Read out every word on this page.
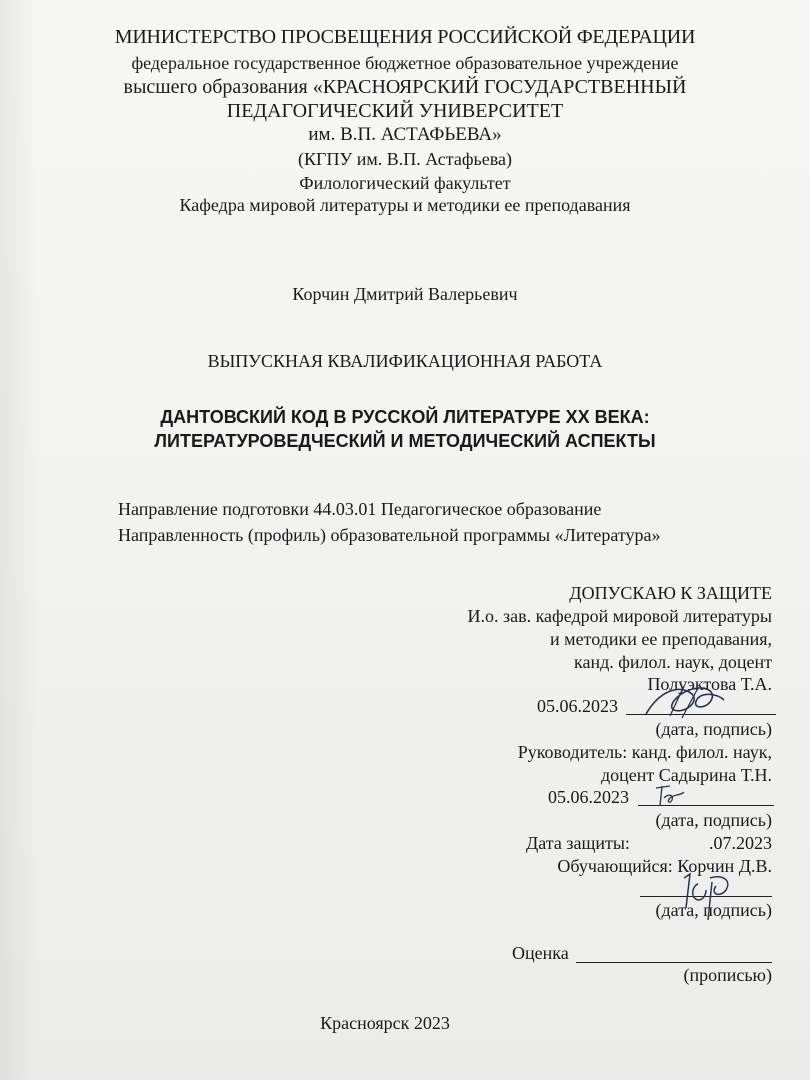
МИНИСТЕРСТВО ПРОСВЕЩЕНИЯ РОССИЙСКОЙ ФЕДЕРАЦИИ
федеральное государственное бюджетное образовательное учреждение
высшего образования «КРАСНОЯРСКИЙ ГОСУДАРСТВЕННЫЙ
ПЕДАГОГИЧЕСКИЙ УНИВЕРСИТЕТ
им. В.П. АСТАФЬЕВА»
(КГПУ им. В.П. Астафьева)
Филологический факультет
Кафедра мировой литературы и методики ее преподавания
Корчин Дмитрий Валерьевич
ВЫПУСКНАЯ КВАЛИФИКАЦИОННАЯ РАБОТА
ДАНТОВСКИЙ КОД В РУССКОЙ ЛИТЕРАТУРЕ XX ВЕКА:
ЛИТЕРАТУРОВЕДЧЕСКИЙ И МЕТОДИЧЕСКИЙ АСПЕКТЫ
Направление подготовки 44.03.01 Педагогическое образование
Направленность (профиль) образовательной программы «Литература»
ДОПУСКАЮ К ЗАЩИТЕ
И.о. зав. кафедрой мировой литературы
и методики ее преподавания,
канд. филол. наук, доцент
Полуэктова Т.А.
05.06.2023
(дата, подпись)
Руководитель: канд. филол. наук,
доцент Садырина Т.Н.
05.06.2023
(дата, подпись)
Дата защиты:	.07.2023
Обучающийся: Корчин Д.В.
(дата, подпись)
Оценка
(прописью)
Красноярск 2023
